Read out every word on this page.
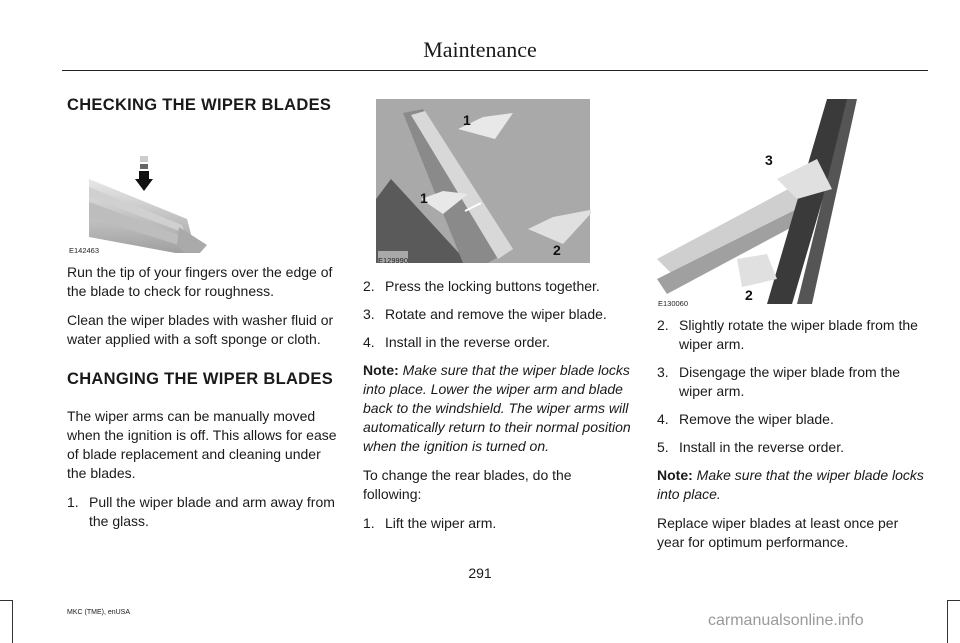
Maintenance
CHECKING THE WIPER BLADES
E142463

Run the tip of your fingers over the edge of the blade to check for roughness.

Clean the wiper blades with washer fluid or water applied with a soft sponge or cloth.

CHANGING THE WIPER BLADES

The wiper arms can be manually moved when the ignition is off. This allows for ease of blade replacement and cleaning under the blades.

1. Pull the wiper blade and arm away from the glass.
1
1
2
E129990
2. Press the locking buttons together.
3. Rotate and remove the wiper blade.
4. Install in the reverse order.

Note: Make sure that the wiper blade locks into place. Lower the wiper arm and blade back to the windshield. The wiper arms will automatically return to their normal position when the ignition is turned on.

To change the rear blades, do the following:

1. Lift the wiper arm.
3
2
E130060
2. Slightly rotate the wiper blade from the wiper arm.
3. Disengage the wiper blade from the wiper arm.
4. Remove the wiper blade.
5. Install in the reverse order.

Note: Make sure that the wiper blade locks into place.

Replace wiper blades at least once per year for optimum performance.

291
MKC (TME), enUSA	carmanualsonline.info
